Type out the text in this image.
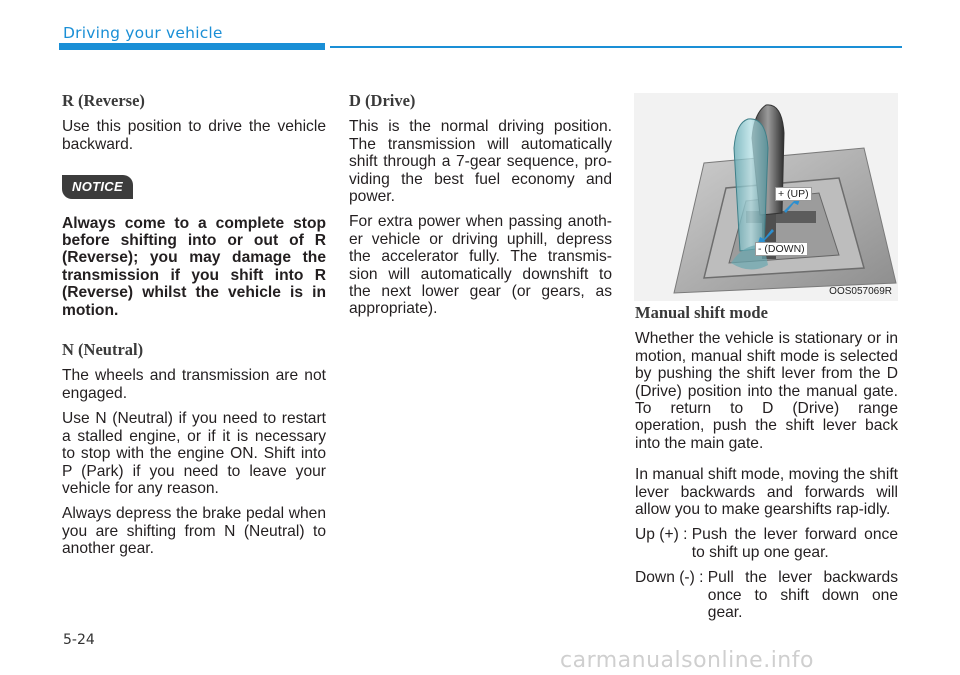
Driving your vehicle
R (Reverse)

Use this position to drive the vehicle backward.

NOTICE

Always come to a complete stop before shifting into or out of R (Reverse); you may damage the transmission if you shift into R (Reverse) whilst the vehicle is in motion.

N (Neutral)

The wheels and transmission are not engaged.

Use N (Neutral) if you need to restart a stalled engine, or if it is necessary to stop with the engine ON. Shift into P (Park) if you need to leave your vehicle for any reason.

Always depress the brake pedal when you are shifting from N (Neutral) to another gear.

D (Drive)

This is the normal driving position. The transmission will automatically shift through a 7-gear sequence, pro-viding the best fuel economy and power.

For extra power when passing anoth-er vehicle or driving uphill, depress the accelerator fully. The transmis-sion will automatically downshift to the next lower gear (or gears, as appropriate).

+ (UP)
- (DOWN)
OOS057069R
Manual shift mode

Whether the vehicle is stationary or in motion, manual shift mode is selected by pushing the shift lever from the D (Drive) position into the manual gate. To return to D (Drive) range operation, push the shift lever back into the main gate.

In manual shift mode, moving the shift lever backwards and forwards will allow you to make gearshifts rap-idly.

Up (+) : Push the lever forward once to shift up one gear.

Down (-) : Pull the lever backwards once to shift down one gear.

5-24
carmanualsonline.info
